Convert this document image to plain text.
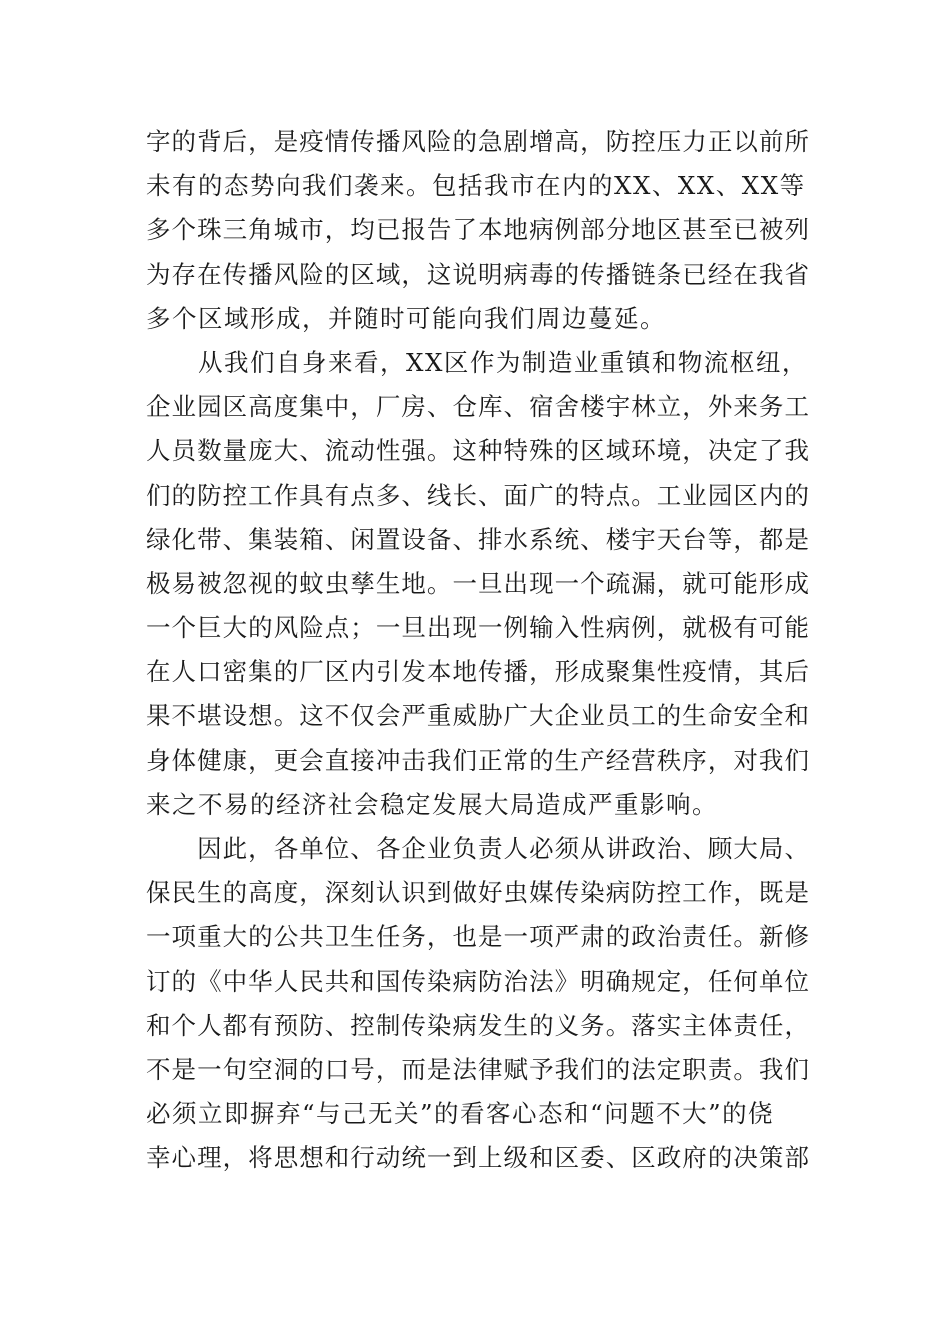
字的背后，是疫情传播风险的急剧增高，防控压力正以前所
未有的态势向我们袭来。包括我市在内的XX、XX、XX等
多个珠三角城市，均已报告了本地病例部分地区甚至已被列
为存在传播风险的区域，这说明病毒的传播链条已经在我省
多个区域形成，并随时可能向我们周边蔓延。
　　从我们自身来看，XX区作为制造业重镇和物流枢纽，
企业园区高度集中，厂房、仓库、宿舍楼宇林立，外来务工
人员数量庞大、流动性强。这种特殊的区域环境，决定了我
们的防控工作具有点多、线长、面广的特点。工业园区内的
绿化带、集装箱、闲置设备、排水系统、楼宇天台等，都是
极易被忽视的蚊虫孳生地。一旦出现一个疏漏，就可能形成
一个巨大的风险点；一旦出现一例输入性病例，就极有可能
在人口密集的厂区内引发本地传播，形成聚集性疫情，其后
果不堪设想。这不仅会严重威胁广大企业员工的生命安全和
身体健康，更会直接冲击我们正常的生产经营秩序，对我们
来之不易的经济社会稳定发展大局造成严重影响。
　　因此，各单位、各企业负责人必须从讲政治、顾大局、
保民生的高度，深刻认识到做好虫媒传染病防控工作，既是
一项重大的公共卫生任务，也是一项严肃的政治责任。新修
订的《中华人民共和国传染病防治法》明确规定，任何单位
和个人都有预防、控制传染病发生的义务。落实主体责任，
不是一句空洞的口号，而是法律赋予我们的法定职责。我们
必须立即摒弃“与己无关”的看客心态和“问题不大”的侥
幸心理，将思想和行动统一到上级和区委、区政府的决策部
